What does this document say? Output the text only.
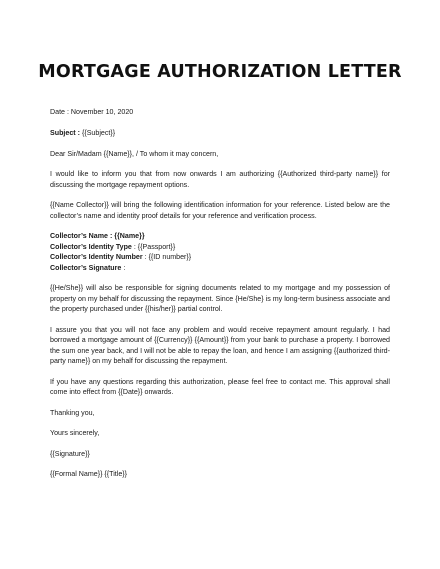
MORTGAGE AUTHORIZATION LETTER

Date : November 10, 2020

Subject : {{Subject}}

Dear Sir/Madam {{Name}}, / To whom it may concern,

I would like to inform you that from now onwards I am authorizing {{Authorized third-party name}} for discussing the mortgage repayment options.

{{Name Collector}} will bring the following identification information for your reference. Listed below are the collector’s name and identity proof details for your reference and verification process.

Collector’s Name : {{Name}}
Collector’s Identity Type : {{Passport}}
Collector’s Identity Number : {{ID number}}
Collector’s Signature :

{{He/She}} will also be responsible for signing documents related to my mortgage and my possession of property on my behalf for discussing the repayment. Since {He/She} is my long-term business associate and the property purchased under {{his/her}} partial control.

I assure you that you will not face any problem and would receive repayment amount regularly. I had borrowed a mortgage amount of {{Currency}} {{Amount}} from your bank to purchase a property. I borrowed the sum one year back, and I will not be able to repay the loan, and hence I am assigning {{authorized third-party name}} on my behalf for discussing the repayment.

If you have any questions regarding this authorization, please feel free to contact me. This approval shall come into effect from {{Date}} onwards.

Thanking you,

Yours sincerely,

{{Signature}}

{{Formal Name}} {{Title}}
